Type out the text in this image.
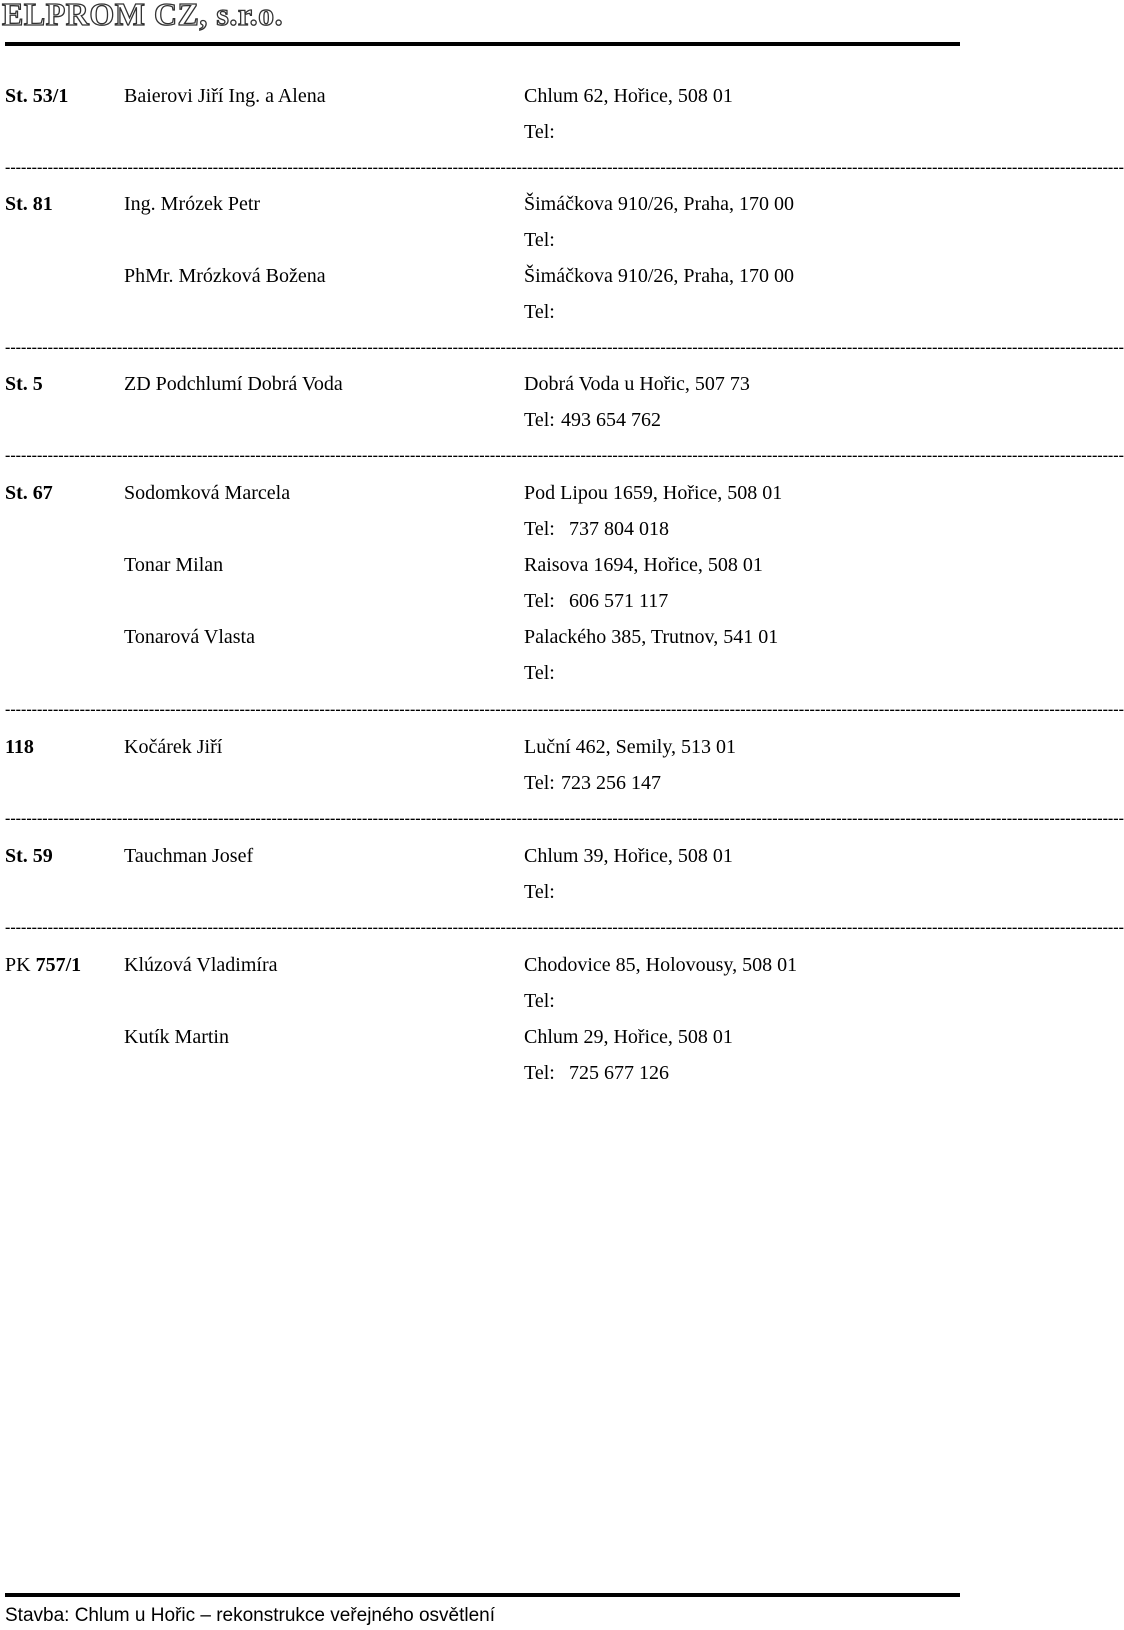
ELPROM CZ, s.r.o.
St. 53/1	Baierovi Jiří Ing. a Alena	Chlum 62, Hořice, 508 01
Tel:
------------------------------------------------------------------------------------------------------------------------------------------------------------------------------------------------------------------
St. 81	Ing. Mrózek Petr	Šimáčkova 910/26, Praha, 170 00
Tel:
PhMr. Mrózková Božena	Šimáčkova 910/26, Praha, 170 00
Tel:
------------------------------------------------------------------------------------------------------------------------------------------------------------------------------------------------------------------
St. 5	ZD Podchlumí Dobrá Voda	Dobrá Voda u Hořic, 507 73
Tel: 493 654 762
------------------------------------------------------------------------------------------------------------------------------------------------------------------------------------------------------------------
St. 67	Sodomková Marcela	Pod Lipou 1659, Hořice, 508 01
Tel: 737 804 018
Tonar Milan	Raisova 1694, Hořice, 508 01
Tel: 606 571 117
Tonarová Vlasta	Palackého 385, Trutnov, 541 01
Tel:
------------------------------------------------------------------------------------------------------------------------------------------------------------------------------------------------------------------
118	Kočárek Jiří	Luční 462, Semily, 513 01
Tel: 723 256 147
------------------------------------------------------------------------------------------------------------------------------------------------------------------------------------------------------------------
St. 59	Tauchman Josef	Chlum 39, Hořice, 508 01
Tel:
------------------------------------------------------------------------------------------------------------------------------------------------------------------------------------------------------------------
PK 757/1 Klúzová Vladimíra	Chodovice 85, Holovousy, 508 01
Tel:
Kutík Martin	Chlum 29, Hořice, 508 01
Tel: 725 677 126
Stavba: Chlum u Hořic – rekonstrukce veřejného osvětlení
